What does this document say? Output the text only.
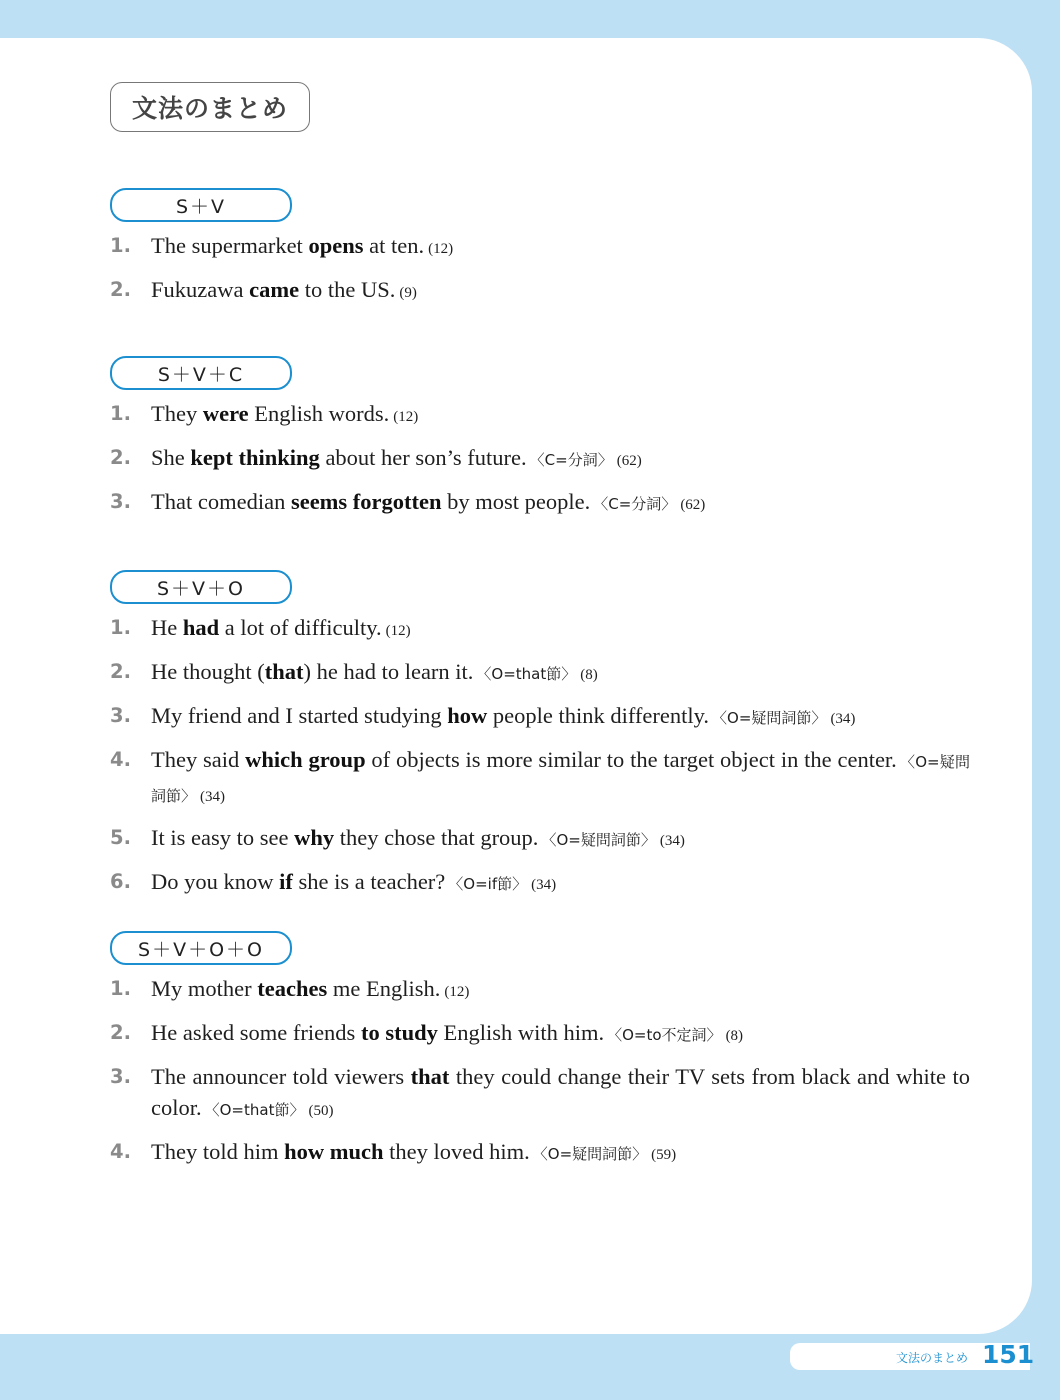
文法のまとめ
S＋V
1. The supermarket opens at ten. (12)
2. Fukuzawa came to the US. (9)
S＋V＋C
1. They were English words. (12)
2. She kept thinking about her son’s future. 〈C=分詞〉 (62)
3. That comedian seems forgotten by most people. 〈C=分詞〉 (62)
S＋V＋O
1. He had a lot of difficulty. (12)
2. He thought (that) he had to learn it. 〈O=that節〉 (8)
3. My friend and I started studying how people think differently. 〈O=疑問詞節〉 (34)
4. They said which group of objects is more similar to the target object in the center. 〈O=疑問詞節〉 (34)
5. It is easy to see why they chose that group. 〈O=疑問詞節〉 (34)
6. Do you know if she is a teacher? 〈O=if節〉 (34)
S＋V＋O＋O
1. My mother teaches me English. (12)
2. He asked some friends to study English with him. 〈O=to不定詞〉 (8)
3. The announcer told viewers that they could change their TV sets from black and white to color. 〈O=that節〉 (50)
4. They told him how much they loved him. 〈O=疑問詞節〉 (59)
文法のまとめ 151
